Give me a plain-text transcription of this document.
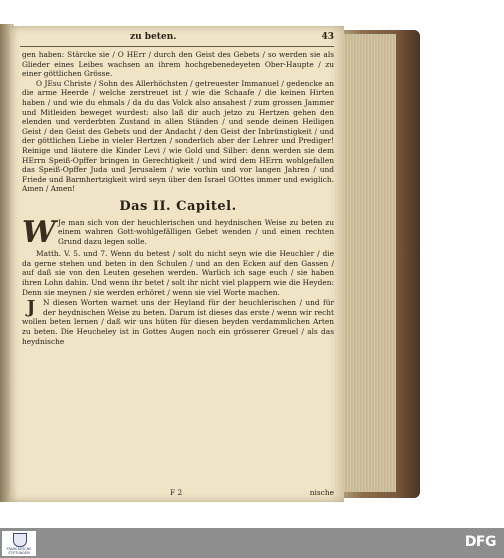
zu beten.	43

gen haben: Stärcke sie / O HErr / durch den Geist des Gebets / so werden sie als Glieder eines Leibes wachsen an ihrem hochgebenedeyeten Ober-Haupte / zu einer göttlichen Grösse.

O JEsu Christe / Sohn des Allerhöchsten / getreuester Immanuel / gedencke an die arme Heerde / welche zerstreuet ist / wie die Schaafe / die keinen Hirten haben / und wie du ehmals / da du das Volck also ansahest / zum grossen Jammer und Mitleiden beweget wurdest: also laß dir auch jetzo zu Hertzen gehen den elenden und verderbten Zustand in allen Ständen / und sende deinen Heiligen Geist / den Geist des Gebets und der Andacht / den Geist der Inbrünstigkeit / und der göttlichen Liebe in vieler Hertzen / sonderlich aber der Lehrer und Prediger! Reinige und läutere die Kinder Levi / wie Gold und Silber: denn werden sie dem HErrn Speiß-Opffer bringen in Gerechtigkeit / und wird dem HErrn wohlgefallen das Speiß-Opffer Juda und Jerusalem / wie vorhin und vor langen Jahren / und Friede und Barmhertzigkeit wird seyn über den Israel GOttes immer und ewiglich. Amen / Amen!

Das II. Capitel.
W Je man sich von der heuchlerischen und heydnischen Weise zu beten zu einem wahren Gott-wohlgefälligen Gebet wenden / und einen rechten Grund dazu legen solle.

Matth. V. 5. und 7. Wenn du betest / solt du nicht seyn wie die Heuchler / die da gerne stehen und beten in den Schulen / und an den Ecken auf den Gassen / auf daß sie von den Leuten gesehen werden. Warlich ich sage euch / sie haben ihren Lohn dahin. Und wenn ihr betet / solt ihr nicht viel plappern wie die Heyden: Denn sie meynen / sie werden erhöret / wenn sie viel Worte machen.

J	N diesen Worten warnet uns der Heyland für der heuchlerischen / und für der heydnischen Weise zu beten. Darum ist dieses das erste / wenn wir recht wollen beten lernen / daß wir uns hüten für diesen beyden verdammlichen Arten zu beten. Die Heucheley ist in Gottes Augen noch ein grösserer Greuel / als das heydnische

F 2	nische
FRANCKESCHE
STIFTUNGEN
DFG
